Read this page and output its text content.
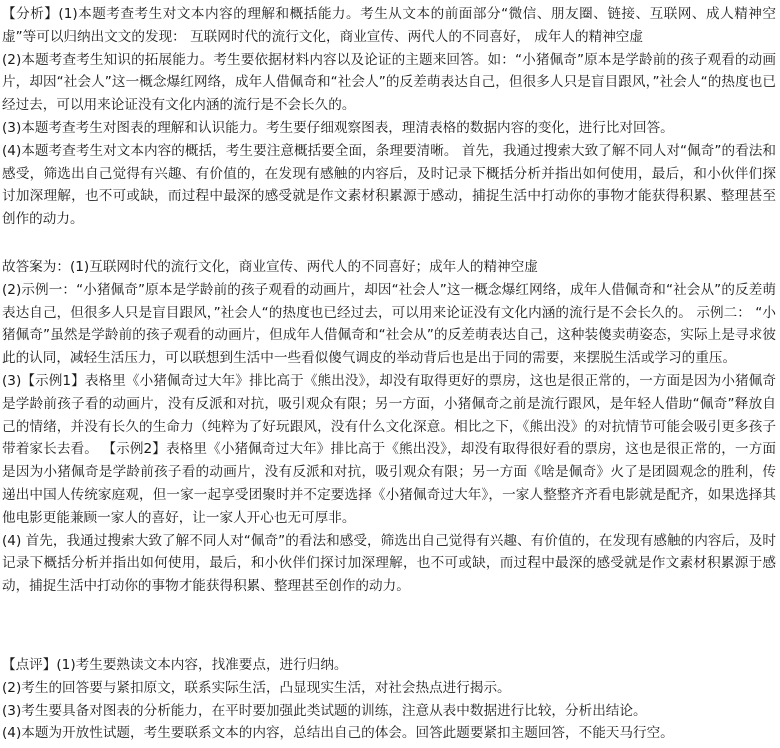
【分析】(1)本题考查考生对文本内容的理解和概括能力。考生从文本的前面部分“微信、朋友圈、链接、互联网、成人精神空虚”等可以归纳出文文的发现： 互联网时代的流行文化，商业宣传、两代人的不同喜好， 成年人的精神空虚

(2)本题考查考生知识的拓展能力。考生要依据材料内容以及论证的主题来回答。如：“小猪佩奇”原本是学龄前的孩子观看的动画片，却因“社会人”这一概念爆红网络，成年人借佩奇和“社会人”的反差萌表达自己，但很多人只是盲目跟风，”社会人“的热度也已经过去，可以用来论证没有文化内涵的流行是不会长久的。

(3)本题考查考生对图表的理解和认识能力。考生要仔细观察图表，理清表格的数据内容的变化，进行比对回答。

(4)本题考查考生对文本内容的概括，考生要注意概括要全面，条理要清晰。 首先，我通过搜索大致了解不同人对“佩奇”的看法和感受，筛选出自己觉得有兴趣、有价值的，在发现有感触的内容后，及时记录下概括分析并指出如何使用，最后，和小伙伴们探讨加深理解，也不可或缺，而过程中最深的感受就是作文素材积累源于感动，捕捉生活中打动你的事物才能获得积累、整理甚至创作的动力。

故答案为：(1)互联网时代的流行文化，商业宣传、两代人的不同喜好；成年人的精神空虚

(2)示例一：“小猪佩奇”原本是学龄前的孩子观看的动画片，却因“社会人”这一概念爆红网络，成年人借佩奇和“社会从”的反差萌表达自己，但很多人只是盲目跟风，”社会人“的热度也已经过去，可以用来论证没有文化内涵的流行是不会长久的。 示例二： “小猪佩奇”虽然是学龄前的孩子观看的动画片，但成年人借佩奇和“社会从”的反差萌表达自己，这种装傻卖萌姿态，实际上是寻求彼此的认同，减轻生活压力，可以联想到生活中一些看似傻气调皮的举动背后也是出于同的需要，来摆脱生活或学习的重压。

(3)【示例1】表格里《小猪佩奇过大年》排比高于《熊出没》，却没有取得更好的票房，这也是很正常的，一方面是因为小猪佩奇是学龄前孩子看的动画片，没有反派和对抗，吸引观众有限；另一方面，小猪佩奇之前是流行跟风，是年轻人借助“佩奇”释放自己的情绪，并没有长久的生命力（纯粹为了好玩跟风，没有什么文化深意。相比之下，《熊出没》的对抗情节可能会吸引更多孩子带着家长去看。 【示例2】表格里《小猪佩奇过大年》排比高于《熊出没》，却没有取得很好看的票房，这也是很正常的，一方面是因为小猪佩奇是学龄前孩子看的动画片，没有反派和对抗，吸引观众有限；另一方面《啥是佩奇》火了是团圆观念的胜利，传递出中国人传统家庭观，但一家一起享受团聚时并不定要选择《小猪佩奇过大年》，一家人整整齐齐看电影就是配齐，如果选择其他电影更能兼顾一家人的喜好，让一家人开心也无可厚非。

(4) 首先，我通过搜索大致了解不同人对“佩奇”的看法和感受，筛选出自己觉得有兴趣、有价值的，在发现有感触的内容后，及时记录下概括分析并指出如何使用，最后，和小伙伴们探讨加深理解，也不可或缺，而过程中最深的感受就是作文素材积累源于感动，捕捉生活中打动你的事物才能获得积累、整理甚至创作的动力。

【点评】(1)考生要熟读文本内容，找准要点，进行归纳。

(2)考生的回答要与紧扣原文，联系实际生活，凸显现实生活，对社会热点进行揭示。

(3)考生要具备对图表的分析能力，在平时要加强此类试题的训练，注意从表中数据进行比较，分析出结论。

(4)本题为开放性试题，考生要联系文本的内容，总结出自己的体会。回答此题要紧扣主题回答，不能天马行空。
